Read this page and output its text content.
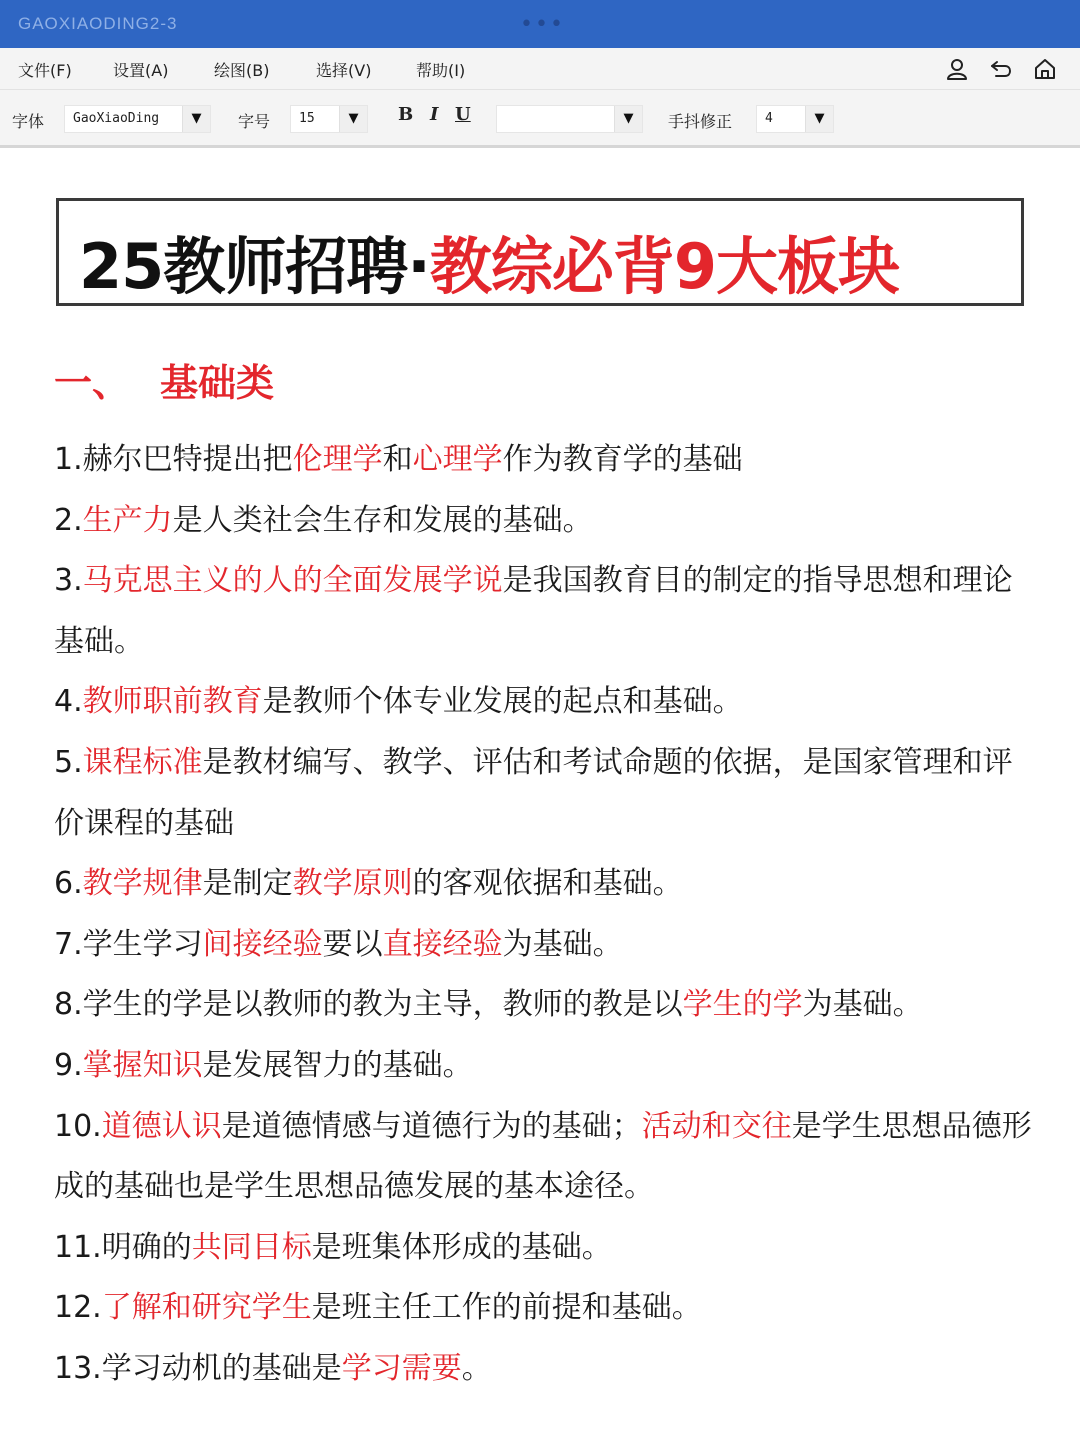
GAOXIAODING2-3	•••
文件(F)	设置(A)	绘图(B)	选择(V)	帮助(I)
字体 GaoXiaoDing	▼	字号 15	▼	B I U	▼	手抖修正	4	▼
25教师招聘·教综必背9大板块
一、 基础类

1.赫尔巴特提出把伦理学和心理学作为教育学的基础

2.生产力是人类社会生存和发展的基础。

3.马克思主义的人的全面发展学说是我国教育目的制定的指导思想和理论基础。

4.教师职前教育是教师个体专业发展的起点和基础。

5.课程标准是教材编写、教学、评估和考试命题的依据，是国家管理和评价课程的基础

6.教学规律是制定教学原则的客观依据和基础。

7.学生学习间接经验要以直接经验为基础。

8.学生的学是以教师的教为主导，教师的教是以学生的学为基础。

9.掌握知识是发展智力的基础。

10.道德认识是道德情感与道德行为的基础；活动和交往是学生思想品德形成的基础也是学生思想品德发展的基本途径。

11.明确的共同目标是班集体形成的基础。

12.了解和研究学生是班主任工作的前提和基础。

13.学习动机的基础是学习需要。
